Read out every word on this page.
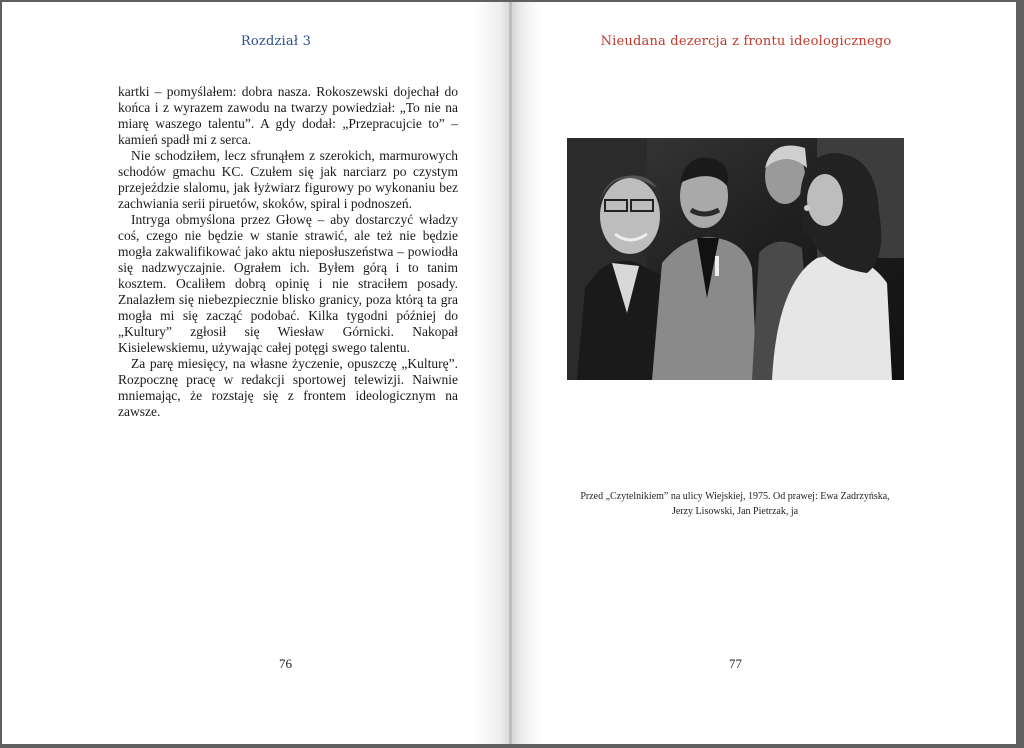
Rozdział 3	Nieudana dezercja z frontu ideologicznego

kartki – pomyślałem: dobra nasza. Rokoszewski dojechał do końca i z wyrazem zawodu na twarzy powiedział: „To nie na miarę waszego talentu”. A gdy dodał: „Przepracujcie to” – kamień spadł mi z serca.

Nie schodziłem, lecz sfrunąłem z szerokich, marmurowych schodów gmachu KC. Czułem się jak narciarz po czystym przejeździe slalomu, jak łyżwiarz figurowy po wykonaniu bez zachwiania serii piruetów, skoków, spiral i podnoszeń.

Intryga obmyślona przez Głowę – aby dostarczyć władzy coś, czego nie będzie w stanie strawić, ale też nie będzie mogła zakwalifikować jako aktu nieposłuszeństwa – powiodła się nadzwyczajnie. Ograłem ich. Byłem górą i to tanim kosztem. Ocaliłem dobrą opinię i nie straciłem posady. Znalazłem się niebezpiecznie blisko granicy, poza którą ta gra mogła mi się zacząć podobać. Kilka tygodni później do „Kultury” zgłosił się Wiesław Górnicki. Nakopał Kisielewskiemu, używając całej potęgi swego talentu.

Za parę miesięcy, na własne życzenie, opuszczę „Kulturę”. Rozpocznę pracę w redakcji sportowej telewizji. Naiwnie mniemając, że rozstaję się z frontem ideologicznym na zawsze.

Przed „Czytelnikiem” na ulicy Wiejskiej, 1975. Od prawej: Ewa Zadrzyńska,
Jerzy Lisowski, Jan Pietrzak, ja
76	77
